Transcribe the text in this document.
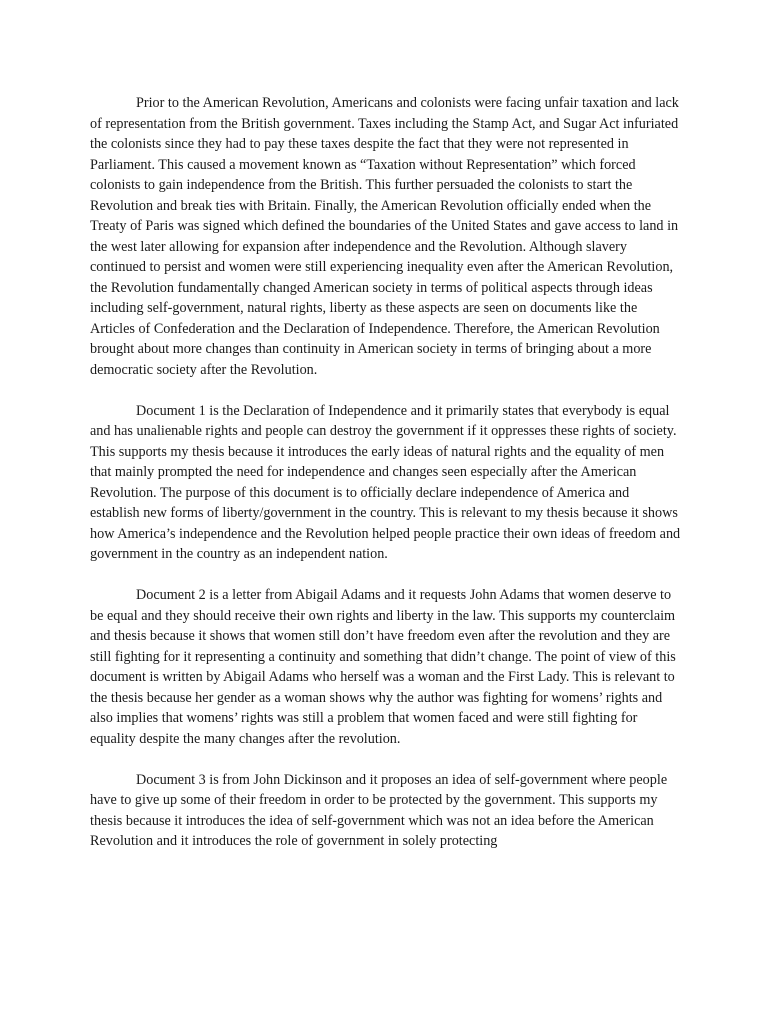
Prior to the American Revolution, Americans and colonists were facing unfair taxation and lack of representation from the British government. Taxes including the Stamp Act, and Sugar Act infuriated the colonists since they had to pay these taxes despite the fact that they were not represented in Parliament. This caused a movement known as “Taxation without Representation” which forced colonists to gain independence from the British. This further persuaded the colonists to start the Revolution and break ties with Britain. Finally, the American Revolution officially ended when the Treaty of Paris was signed which defined the boundaries of the United States and gave access to land in the west later allowing for expansion after independence and the Revolution. Although slavery continued to persist and women were still experiencing inequality even after the American Revolution, the Revolution fundamentally changed American society in terms of political aspects through ideas including self-government, natural rights, liberty as these aspects are seen on documents like the Articles of Confederation and the Declaration of Independence. Therefore, the American Revolution brought about more changes than continuity in American society in terms of bringing about a more democratic society after the Revolution.

Document 1 is the Declaration of Independence and it primarily states that everybody is equal and has unalienable rights and people can destroy the government if it oppresses these rights of society. This supports my thesis because it introduces the early ideas of natural rights and the equality of men that mainly prompted the need for independence and changes seen especially after the American Revolution. The purpose of this document is to officially declare independence of America and establish new forms of liberty/government in the country. This is relevant to my thesis because it shows how America’s independence and the Revolution helped people practice their own ideas of freedom and government in the country as an independent nation.

Document 2 is a letter from Abigail Adams and it requests John Adams that women deserve to be equal and they should receive their own rights and liberty in the law. This supports my counterclaim and thesis because it shows that women still don’t have freedom even after the revolution and they are still fighting for it representing a continuity and something that didn’t change. The point of view of this document is written by Abigail Adams who herself was a woman and the First Lady. This is relevant to the thesis because her gender as a woman shows why the author was fighting for womens’ rights and also implies that womens’ rights was still a problem that women faced and were still fighting for equality despite the many changes after the revolution.

Document 3 is from John Dickinson and it proposes an idea of self-government where people have to give up some of their freedom in order to be protected by the government. This supports my thesis because it introduces the idea of self-government which was not an idea before the American Revolution and it introduces the role of government in solely protecting
